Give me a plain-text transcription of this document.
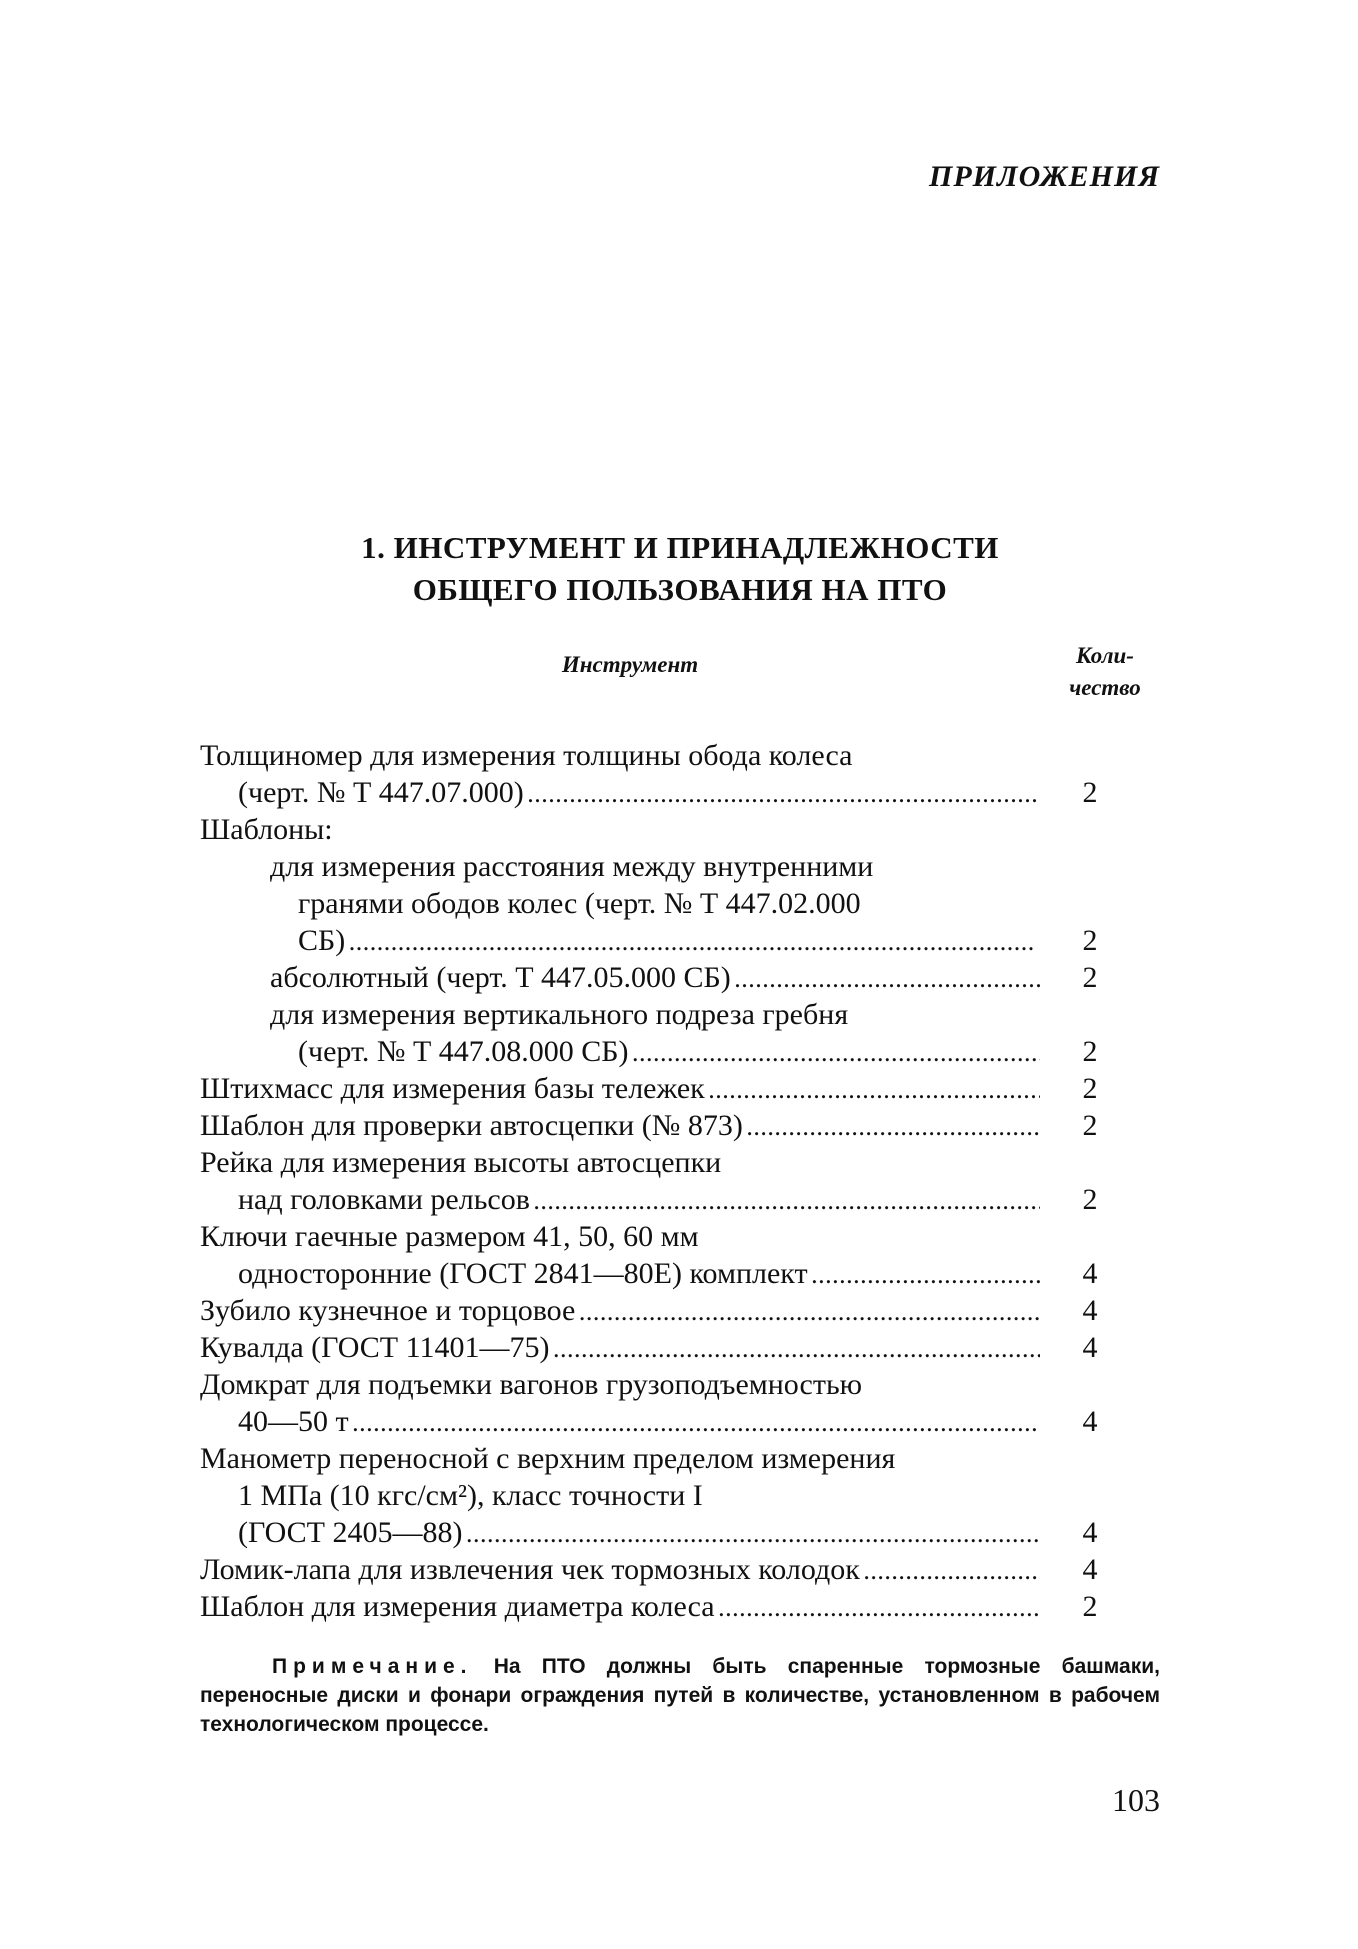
ПРИЛОЖЕНИЯ
1. ИНСТРУМЕНТ И ПРИНАДЛЕЖНОСТИ
ОБЩЕГО ПОЛЬЗОВАНИЯ НА ПТО
Инструмент	Коли-
чество
Толщиномер для измерения толщины обода колеса
(черт. № Т 447.07.000) . . .	2
Шаблоны:
для измерения расстояния между внутренними
гранями ободов колес (черт. № Т 447.02.000
СБ) . . .	2
абсолютный (черт. Т 447.05.000 СБ) . . .	2
для измерения вертикального подреза гребня
(черт. № Т 447.08.000 СБ) . . .	2
Штихмасс для измерения базы тележек . . .	2
Шаблон для проверки автосцепки (№ 873) . . .	2
Рейка для измерения высоты автосцепки
над головками рельсов . . .	2
Ключи гаечные размером 41, 50, 60 мм
односторонние (ГОСТ 2841—80Е) комплект . . .	4
Зубило кузнечное и торцовое . . .	4
Кувалда (ГОСТ 11401—75) . . .	4
Домкрат для подъемки вагонов грузоподъемностью
40—50 т . . .	4
Манометр переносной с верхним пределом измерения
1 МПа (10 кгс/см²), класс точности I
(ГОСТ 2405—88) . . .	4
Ломик-лапа для извлечения чек тормозных колодок . . .	4
Шаблон для измерения диаметра колеса . . .	2
Примечание. На ПТО должны быть спаренные тормозные башмаки, переносные диски и фонари ограждения путей в количестве, установленном в рабочем технологическом процессе.
103
